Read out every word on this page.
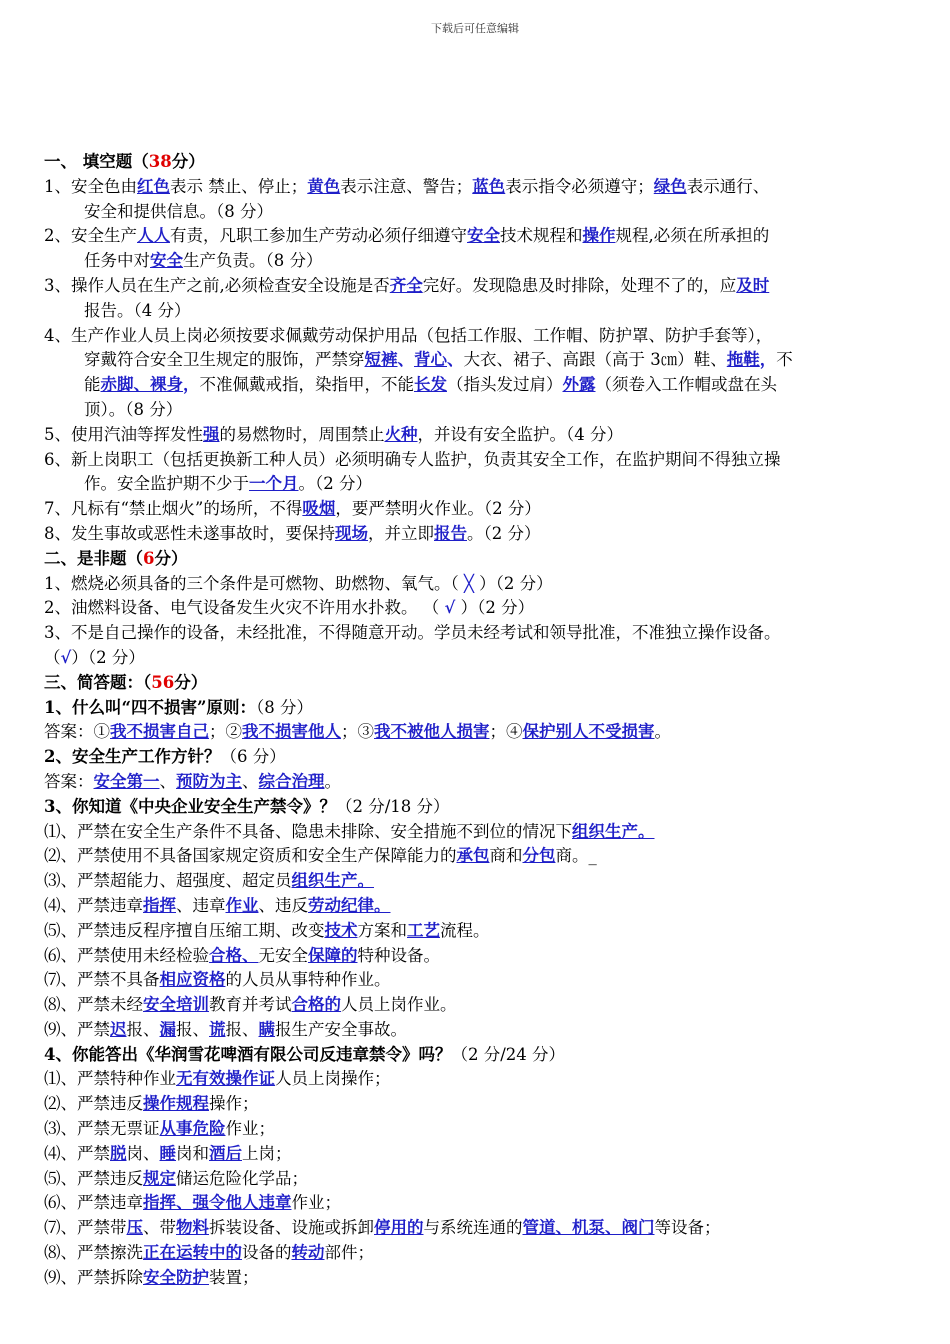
下载后可任意编辑
一、 填空题（38分）
1、安全色由红色表示 禁止、停止；黄色表示注意、警告；蓝色表示指令必须遵守；绿色表示通行、
安全和提供信息。（8 分）
2、安全生产人人有责，凡职工参加生产劳动必须仔细遵守安全技术规程和操作规程,必须在所承担的
任务中对安全生产负责。（8 分）
3、操作人员在生产之前,必须检查安全设施是否齐全完好。发现隐患及时排除，处理不了的，应及时
报告。（4 分）
4、生产作业人员上岗必须按要求佩戴劳动保护用品（包括工作服、工作帽、防护罩、防护手套等），
穿戴符合安全卫生规定的服饰，严禁穿短裤、背心、大衣、裙子、高跟（高于 3㎝）鞋、拖鞋，不
能赤脚、裸身，不准佩戴戒指，染指甲，不能长发（指头发过肩）外露（须卷入工作帽或盘在头
顶）。（8 分）
5、使用汽油等挥发性强的易燃物时，周围禁止火种，并设有安全监护。（4 分）
6、新上岗职工（包括更换新工种人员）必须明确专人监护，负责其安全工作，在监护期间不得独立操
作。安全监护期不少于一个月。（2 分）
7、凡标有“禁止烟火”的场所，不得吸烟，要严禁明火作业。（2 分）
8、发生事故或恶性未遂事故时，要保持现场，并立即报告。（2 分）
二、是非题（6分）
1、燃烧必须具备的三个条件是可燃物、助燃物、氧气。（ ╳ ）（2 分）
2、油燃料设备、电气设备发生火灾不许用水扑救。 （ √ ）（2 分）
3、不是自己操作的设备，未经批准，不得随意开动。学员未经考试和领导批准，不准独立操作设备。
（√）（2 分）
三、简答题：（56分）
1、什么叫“四不损害”原则：（8 分）
答案：①我不损害自己；②我不损害他人；③我不被他人损害；④保护别人不受损害。
2、安全生产工作方针？（6 分）
答案：安全第一、预防为主、综合治理。
3、你知道《中央企业安全生产禁令》？（2 分/18 分）
⑴、严禁在安全生产条件不具备、隐患未排除、安全措施不到位的情况下组织生产。
⑵、严禁使用不具备国家规定资质和安全生产保障能力的承包商和分包商。_
⑶、严禁超能力、超强度、超定员组织生产。
⑷、严禁违章指挥、违章作业、违反劳动纪律。
⑸、严禁违反程序擅自压缩工期、改变技术方案和工艺流程。
⑹、严禁使用未经检验合格、无安全保障的特种设备。
⑺、严禁不具备相应资格的人员从事特种作业。
⑻、严禁未经安全培训教育并考试合格的人员上岗作业。
⑼、严禁迟报、漏报、谎报、瞒报生产安全事故。
4、你能答出《华润雪花啤酒有限公司反违章禁令》吗？（2 分/24 分）
⑴、严禁特种作业无有效操作证人员上岗操作；
⑵、严禁违反操作规程操作；
⑶、严禁无票证从事危险作业；
⑷、严禁脱岗、睡岗和酒后上岗；
⑸、严禁违反规定储运危险化学品；
⑹、严禁违章指挥、强令他人违章作业；
⑺、严禁带压、带物料拆装设备、设施或拆卸停用的与系统连通的管道、机泵、阀门等设备；
⑻、严禁擦洗正在运转中的设备的转动部件；
⑼、严禁拆除安全防护装置；
